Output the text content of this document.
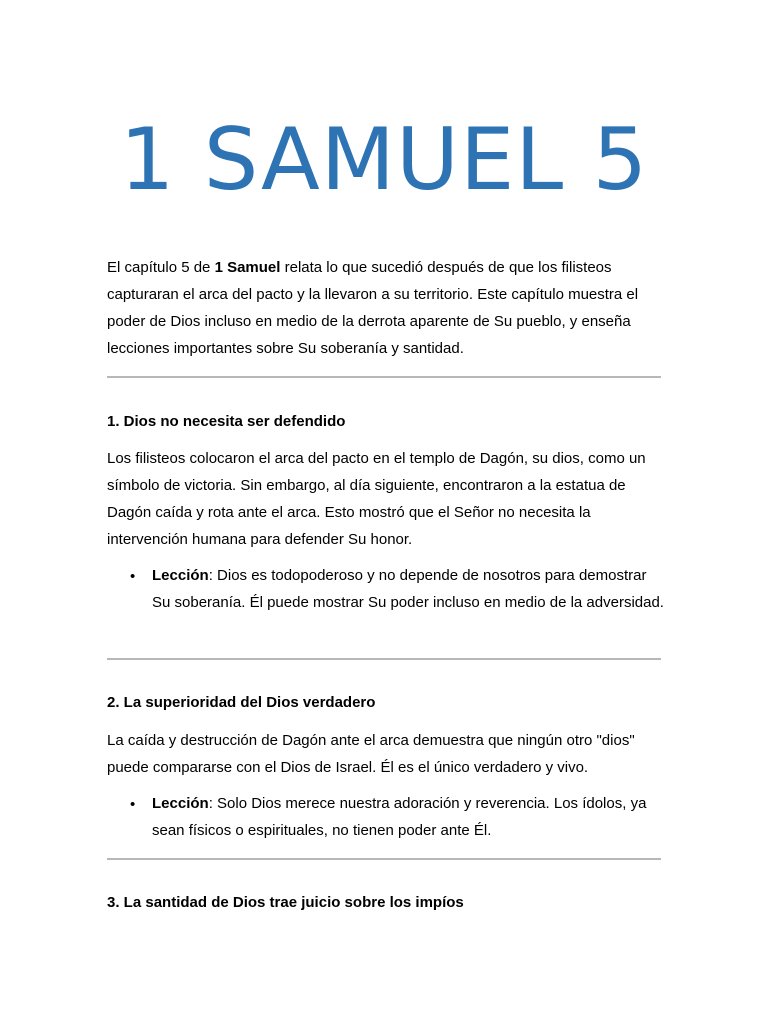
1 SAMUEL 5

El capítulo 5 de 1 Samuel relata lo que sucedió después de que los filisteos capturaran el arca del pacto y la llevaron a su territorio. Este capítulo muestra el poder de Dios incluso en medio de la derrota aparente de Su pueblo, y enseña lecciones importantes sobre Su soberanía y santidad.

1. Dios no necesita ser defendido

Los filisteos colocaron el arca del pacto en el templo de Dagón, su dios, como un símbolo de victoria. Sin embargo, al día siguiente, encontraron a la estatua de Dagón caída y rota ante el arca. Esto mostró que el Señor no necesita la intervención humana para defender Su honor.

• Lección: Dios es todopoderoso y no depende de nosotros para demostrar Su soberanía. Él puede mostrar Su poder incluso en medio de la adversidad.

2. La superioridad del Dios verdadero

La caída y destrucción de Dagón ante el arca demuestra que ningún otro "dios" puede compararse con el Dios de Israel. Él es el único verdadero y vivo.

• Lección: Solo Dios merece nuestra adoración y reverencia. Los ídolos, ya sean físicos o espirituales, no tienen poder ante Él.

3. La santidad de Dios trae juicio sobre los impíos
